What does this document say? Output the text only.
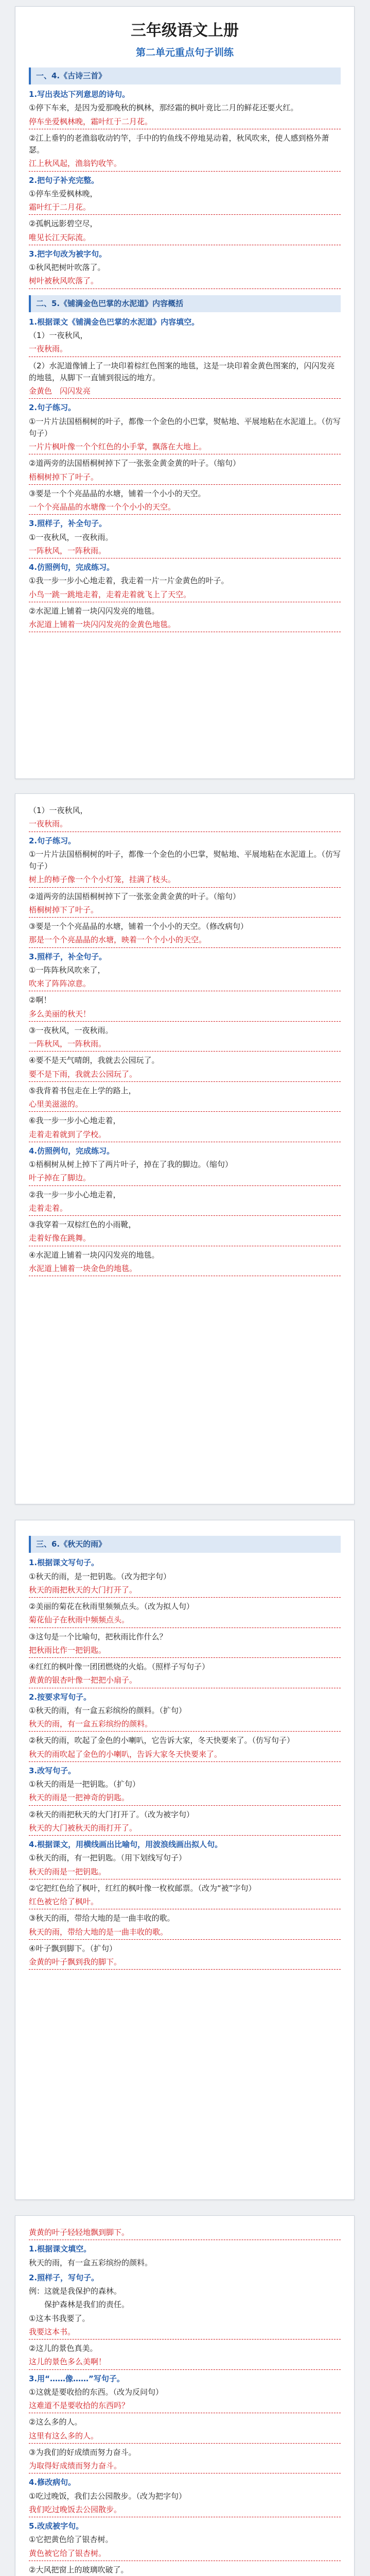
三年级语文上册
第二单元重点句子训练
一、4.《古诗三首》
1.写出表达下列意思的诗句。
①停下车来，是因为爱那晚秋的枫林，那经霜的枫叶竟比二月的鲜花还要火红。
停车坐爱枫林晚，霜叶红于二月花。
②江上垂钓的老渔翁收动钓竿，手中的钓鱼线不停地晃动着，秋风吹来，使人感到格外萧瑟。
江上秋风起，渔翁钓收竿。
2.把句子补充完整。
①停车坐爱枫林晚，
霜叶红于二月花。
②孤帆远影碧空尽，
唯见长江天际流。
3.把字句改为被字句。
①秋风把树叶吹落了。
树叶被秋风吹落了。
二、5.《铺满金色巴掌的水泥道》内容概括
1.根据课文《铺满金色巴掌的水泥道》内容填空。
（1）一夜秋风，
一夜秋雨。
（2）水泥道像铺上了一块印着棕红色图案的地毯，这是一块印着金黄色图案的，闪闪发亮的地毯，从脚下一直铺到很远的地方。
金黄色　闪闪发亮
2.句子练习。
①一片片法国梧桐树的叶子，都像一个金色的小巴掌，熨帖地、平展地粘在水泥道上。（仿写句子）
一片片枫叶像一个个红色的小手掌，飘落在大地上。
②道两旁的法国梧桐树掉下了一张张金黄金黄的叶子。（缩句）
梧桐树掉下了叶子。
③要是一个个亮晶晶的水塘，铺着一个小小的天空。
一个个亮晶晶的水塘像一个个小小的天空。
3.照样子，补全句子。
①一夜秋风，一夜秋雨。
一阵秋风，一阵秋雨。
4.仿照例句，完成练习。
①我一步一步小心地走着，我走着一片一片金黄色的叶子。
小鸟一跳一跳地走着，走着走着就飞上了天空。
②水泥道上铺着一块闪闪发亮的地毯。
水泥道上铺着一块闪闪发亮的金黄色地毯。
（1）一夜秋风，
一夜秋雨。
2.句子练习。
①一片片法国梧桐树的叶子，都像一个金色的小巴掌，熨帖地、平展地粘在水泥道上。（仿写句子）
树上的柿子像一个个小灯笼，挂满了枝头。
②道两旁的法国梧桐树掉下了一张张金黄金黄的叶子。（缩句）
梧桐树掉下了叶子。
③要是一个个亮晶晶的水塘，铺着一个小小的天空。（修改病句）
那是一个个亮晶晶的水塘，映着一个个小小的天空。
3.照样子，补全句子。
①一阵阵秋风吹来了，
吹来了阵阵凉意。
②啊！
多么美丽的秋天！
③一夜秋风，一夜秋雨。
一阵秋风，一阵秋雨。
④要不是天气晴朗，我就去公园玩了。
要不是下雨，我就去公园玩了。
⑤我背着书包走在上学的路上，
心里美滋滋的。
⑥我一步一步小心地走着，
走着走着就到了学校。
4.仿照例句，完成练习。
①梧桐树从树上掉下了两片叶子，掉在了我的脚边。（缩句）
叶子掉在了脚边。
②我一步一步小心地走着，
走着走着。
③我穿着一双棕红色的小雨靴，
走着好像在跳舞。
④水泥道上铺着一块闪闪发亮的地毯。
水泥道上铺着一块金色的地毯。
三、6.《秋天的雨》
1.根据课文写句子。
①秋天的雨，是一把钥匙。（改为把字句）
秋天的雨把秋天的大门打开了。
②美丽的菊花在秋雨里频频点头。（改为拟人句）
菊花仙子在秋雨中频频点头。
③这句是一个比喻句，把秋雨比作什么？
把秋雨比作一把钥匙。
④红红的枫叶像一团团燃烧的火焰。（照样子写句子）
黄黄的银杏叶像一把把小扇子。
2.按要求写句子。
①秋天的雨，有一盒五彩缤纷的颜料。（扩句）
秋天的雨，有一盒五彩缤纷的颜料。
②秋天的雨，吹起了金色的小喇叭，它告诉大家，冬天快要来了。（仿写句子）
秋天的雨吹起了金色的小喇叭，告诉大家冬天快要来了。
3.改写句子。
①秋天的雨是一把钥匙。（扩句）
秋天的雨是一把神奇的钥匙。
②秋天的雨把秋天的大门打开了。（改为被字句）
秋天的大门被秋天的雨打开了。
4.根据课文，用横线画出比喻句，用波浪线画出拟人句。
①秋天的雨，有一把钥匙。（用下划线写句子）
秋天的雨是一把钥匙。
②它把红色给了枫叶，红红的枫叶像一枚枚邮票。（改为“被”字句）
红色被它给了枫叶。
③秋天的雨，带给大地的是一曲丰收的歌。
秋天的雨，带给大地的是一曲丰收的歌。
④叶子飘到脚下。（扩句）
金黄的叶子飘到我的脚下。
黄黄的叶子轻轻地飘到脚下。
1.根据课文填空。
秋天的雨，有一盒五彩缤纷的颜料。
2.照样子，写句子。
例：这就是我保护的森林。
　　保护森林是我们的责任。
①这本书我要了。
我要这本书。
②这儿的景色真美。
这儿的景色多么美啊！
3.用“……像……”写句子。
①这就是要收拾的东西。（改为反问句）
这难道不是要收拾的东西吗？
②这么多的人。
这里有这么多的人。
③为我们的好成绩而努力奋斗。
为取得好成绩而努力奋斗。
4.修改病句。
①吃过晚饭，我们去公园散步。（改为把字句）
我们吃过晚饭去公园散步。
5.改成被字句。
①它把黄色给了银杏树。
黄色被它给了银杏树。
②大风把窗上的玻璃吹破了。
